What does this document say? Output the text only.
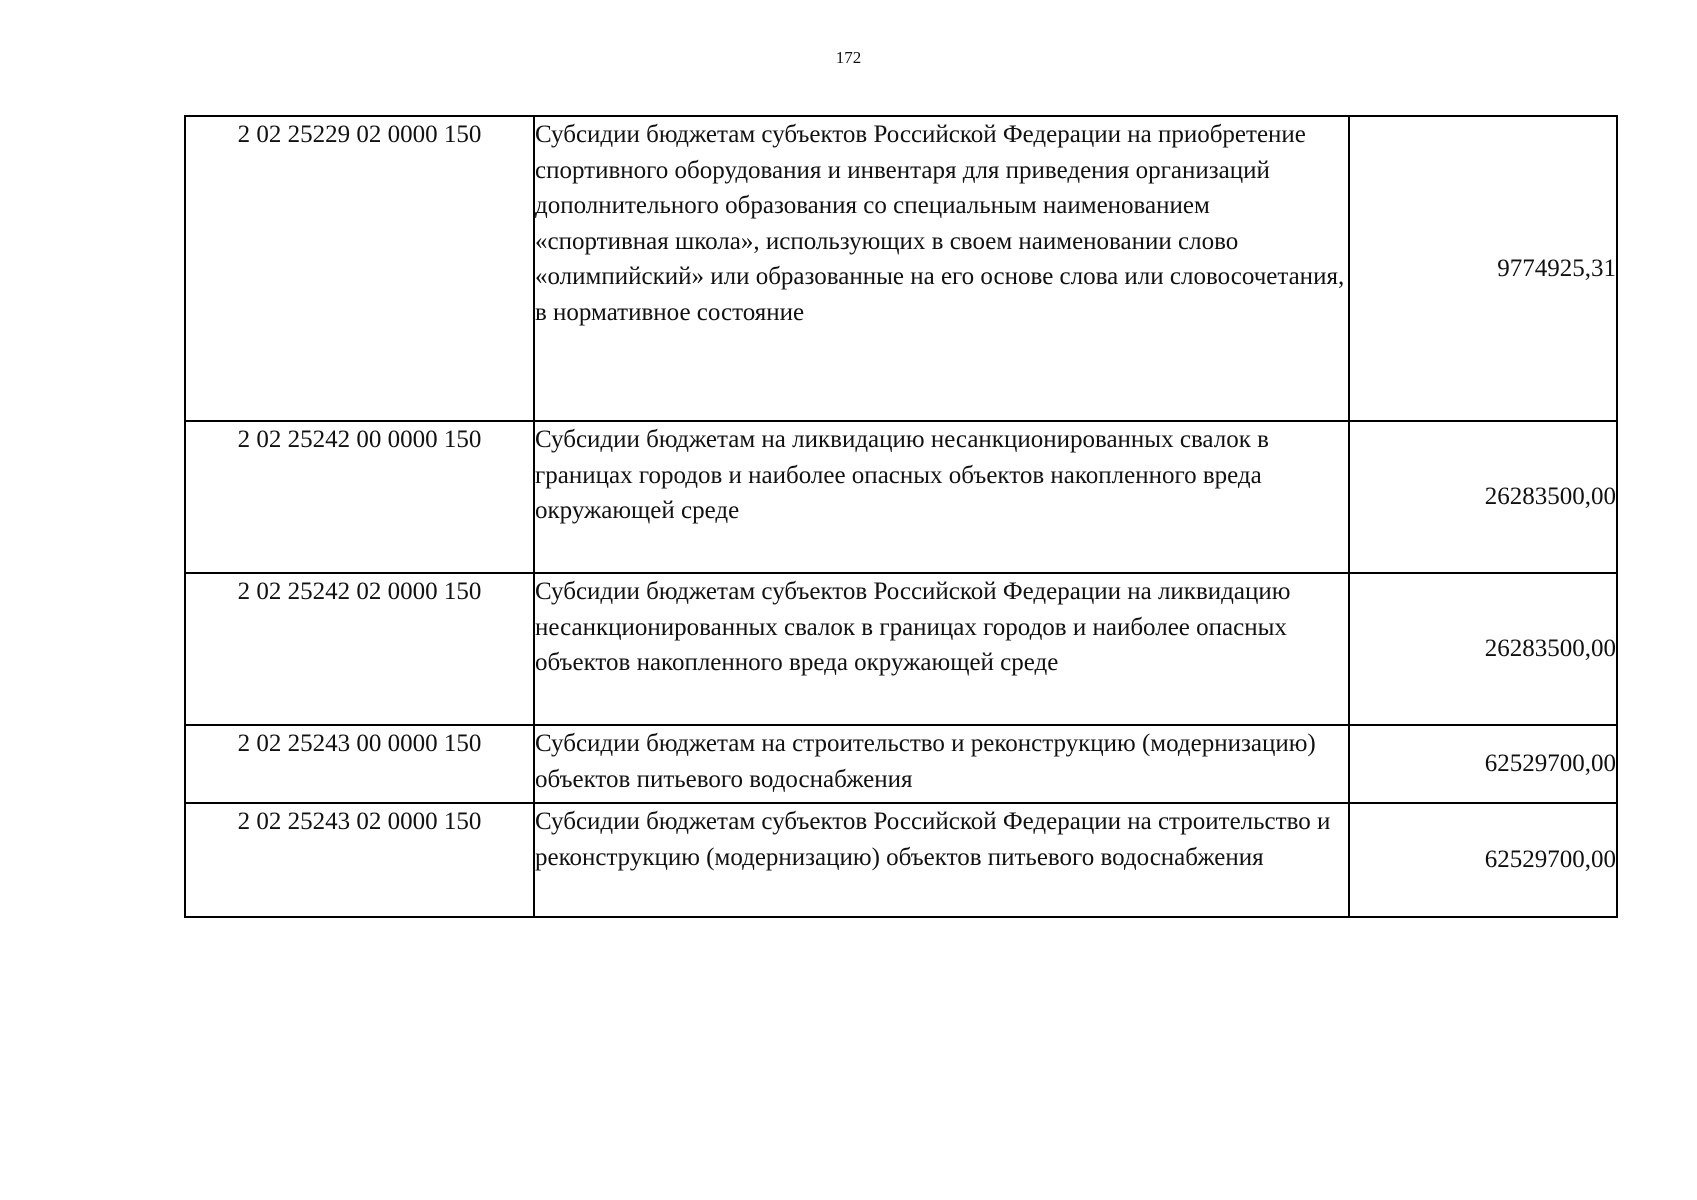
172
2 02 25229 02 0000 150	Субсидии бюджетам субъектов Российской Федерации на приобретение спортивного оборудования и инвентаря для приведения организаций дополнительного образования со специальным наименованием «спортивная школа», использующих в своем наименовании слово «олимпийский» или образованные на его основе слова или словосочетания, в нормативное состояние	9774925,31
2 02 25242 00 0000 150	Субсидии бюджетам на ликвидацию несанкционированных свалок в границах городов и наиболее опасных объектов накопленного вреда окружающей среде	26283500,00
2 02 25242 02 0000 150	Субсидии бюджетам субъектов Российской Федерации на ликвидацию несанкционированных свалок в границах городов и наиболее опасных объектов накопленного вреда окружающей среде	26283500,00
2 02 25243 00 0000 150	Субсидии бюджетам на строительство и реконструкцию (модернизацию) объектов питьевого водоснабжения	62529700,00
2 02 25243 02 0000 150	Субсидии бюджетам субъектов Российской Федерации на строительство и реконструкцию (модернизацию) объектов питьевого водоснабжения	62529700,00
